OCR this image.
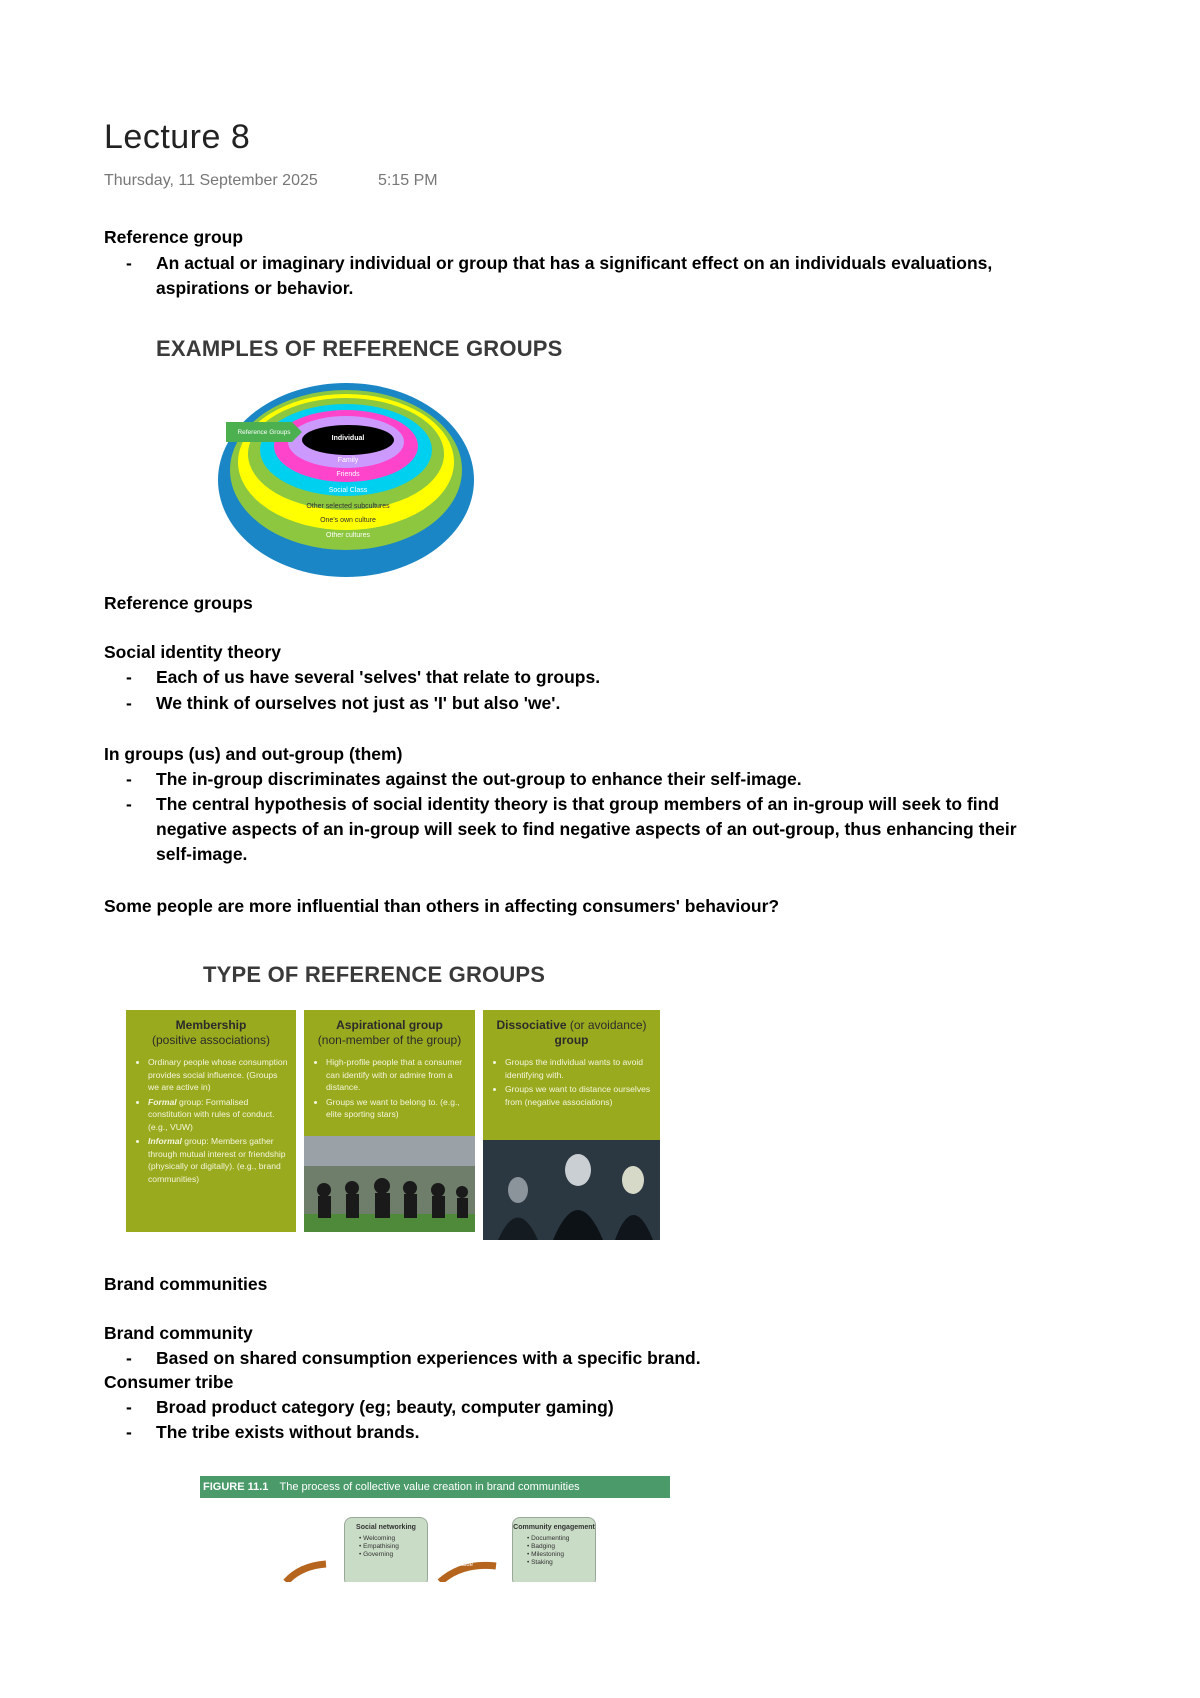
Lecture 8
Thursday, 11 September 2025	5:15 PM
Reference group
- An actual or imaginary individual or group that has a significant effect on an individuals evaluations, aspirations or behavior.
EXAMPLES OF REFERENCE GROUPS
Reference Groups
Individual
Family
Friends
Social Class
Other selected subcultures
One's own culture
Other cultures
Reference groups
Social identity theory
- Each of us have several 'selves' that relate to groups.
- We think of ourselves not just as 'I' but also 'we'.
In groups (us) and out-group (them)
- The in-group discriminates against the out-group to enhance their self-image.
- The central hypothesis of social identity theory is that group members of an in-group will seek to find negative aspects of an in-group will seek to find negative aspects of an out-group, thus enhancing their self-image.
Some people are more influential than others in affecting consumers' behaviour?
TYPE OF REFERENCE GROUPS
Membership
(positive associations)
• Ordinary people whose consumption provides social influence. (Groups we are active in)
• Formal group: Formalised constitution with rules of conduct. (e.g., VUW)
• Informal group: Members gather through mutual interest or friendship (physically or digitally). (e.g., brand communities)
Aspirational group
(non-member of the group)
• High-profile people that a consumer can identify with or admire from a distance.
• Groups we want to belong to. (e.g., elite sporting stars)
Dissociative (or avoidance)
group
• Groups the individual wants to avoid identifying with.
• Groups we want to distance ourselves from (negative associations)
Brand communities
Brand community
- Based on shared consumption experiences with a specific brand.
Consumer tribe
- Broad product category (eg; beauty, computer gaming)
- The tribe exists without brands.
FIGURE 11.1 The process of collective value creation in brand communities
Social networking
• Welcoming
• Empathising
• Governing
Community engagement
• Documenting
• Badging
• Milestoning
• Staking
Value
